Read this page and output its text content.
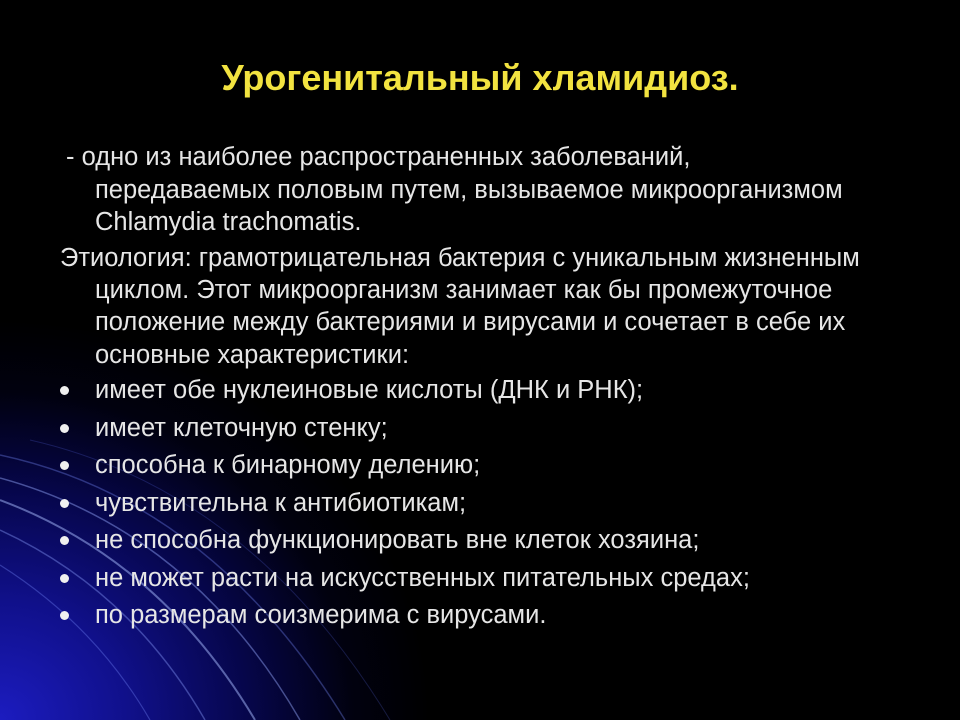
Урогенитальный хламидиоз.
- одно из наиболее распространенных заболеваний,
передаваемых половым путем, вызываемое микроорганизмом
Chlamydia trachomatis.
Этиология: грамотрицательная бактерия с уникальным жизненным
циклом. Этот микроорганизм занимает как бы промежуточное
положение между бактериями и вирусами и сочетает в себе их
основные характеристики:
имеет обе нуклеиновые кислоты (ДНК и РНК);
имеет клеточную стенку;
способна к бинарному делению;
чувствительна к антибиотикам;
не способна функционировать вне клеток хозяина;
не может расти на искусственных питательных средах;
по размерам соизмерима с вирусами.
